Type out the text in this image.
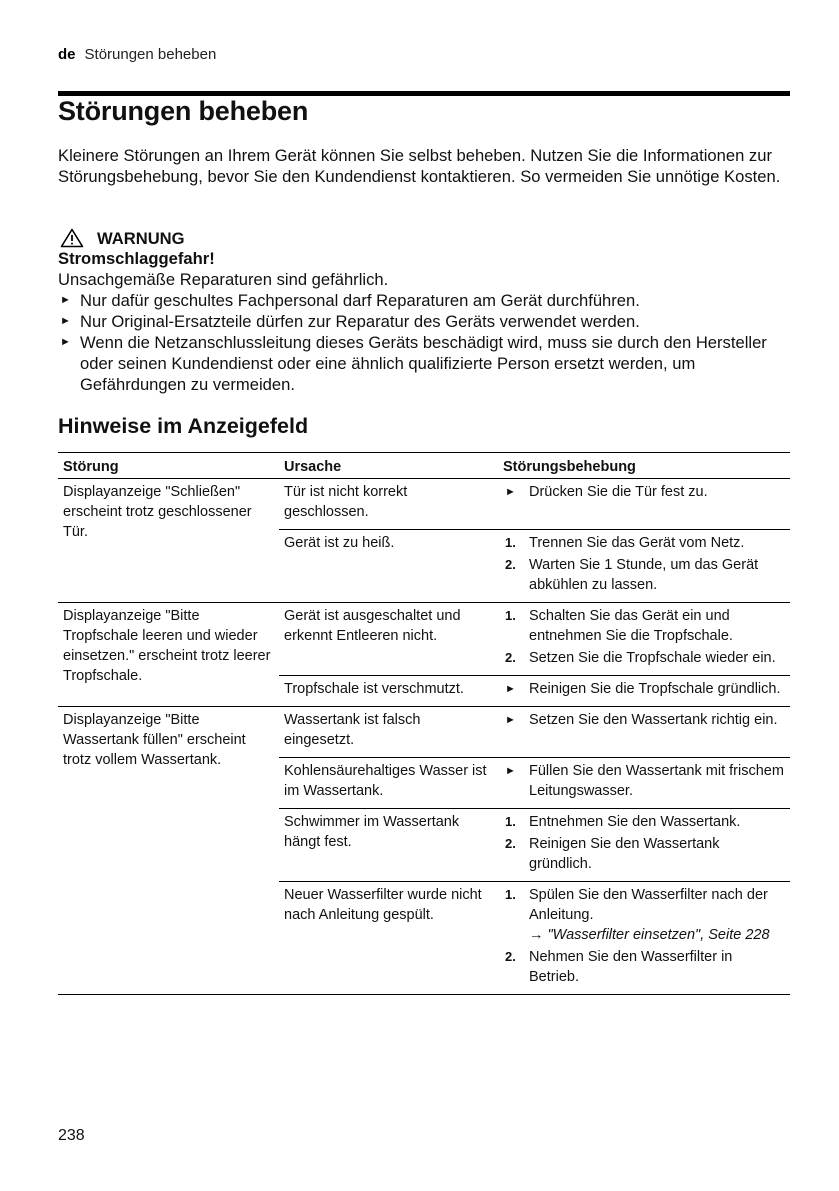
de Störungen beheben
Störungen beheben

Kleinere Störungen an Ihrem Gerät können Sie selbst beheben. Nutzen Sie die Informationen zur Störungsbehebung, bevor Sie den Kundendienst kontaktieren. So vermeiden Sie unnötige Kosten.

WARNUNG
Stromschlaggefahr!
Unsachgemäße Reparaturen sind gefährlich.
► Nur dafür geschultes Fachpersonal darf Reparaturen am Gerät durchführen.
► Nur Original-Ersatzteile dürfen zur Reparatur des Geräts verwendet werden.
► Wenn die Netzanschlussleitung dieses Geräts beschädigt wird, muss sie durch den Hersteller oder seinen Kundendienst oder eine ähnlich qualifizierte Person ersetzt werden, um Gefährdungen zu vermeiden.
Hinweise im Anzeigefeld
Störung	Ursache	Störungsbehebung
Displayanzeige "Schließen" erscheint trotz geschlossener Tür.	Tür ist nicht korrekt geschlossen.	► Drücken Sie die Tür fest zu.

	Gerät ist zu heiß.	1. Trennen Sie das Gerät vom Netz.
2. Warten Sie 1 Stunde, um das Gerät abkühlen zu lassen.

Displayanzeige "Bitte Tropfschale leeren und wieder einsetzen." erscheint trotz leerer Tropfschale.	Gerät ist ausgeschaltet und erkennt Entleeren nicht.	1. Schalten Sie das Gerät ein und entnehmen Sie die Tropfschale.
2. Setzen Sie die Tropfschale wieder ein.

	Tropfschale ist verschmutzt.	► Reinigen Sie die Tropfschale gründlich.

Displayanzeige "Bitte Wassertank füllen" erscheint trotz vollem Wassertank.	Wassertank ist falsch eingesetzt.	► Setzen Sie den Wassertank richtig ein.

	Kohlensäurehaltiges Wasser ist im Wassertank.	► Füllen Sie den Wassertank mit frischem Leitungswasser.

	Schwimmer im Wassertank hängt fest.	1. Entnehmen Sie den Wassertank.
2. Reinigen Sie den Wassertank gründlich.

	Neuer Wasserfilter wurde nicht nach Anleitung gespült.	1. Spülen Sie den Wasserfilter nach der Anleitung.
→ "Wasserfilter einsetzen", Seite 228
2. Nehmen Sie den Wasserfilter in Betrieb.
238
